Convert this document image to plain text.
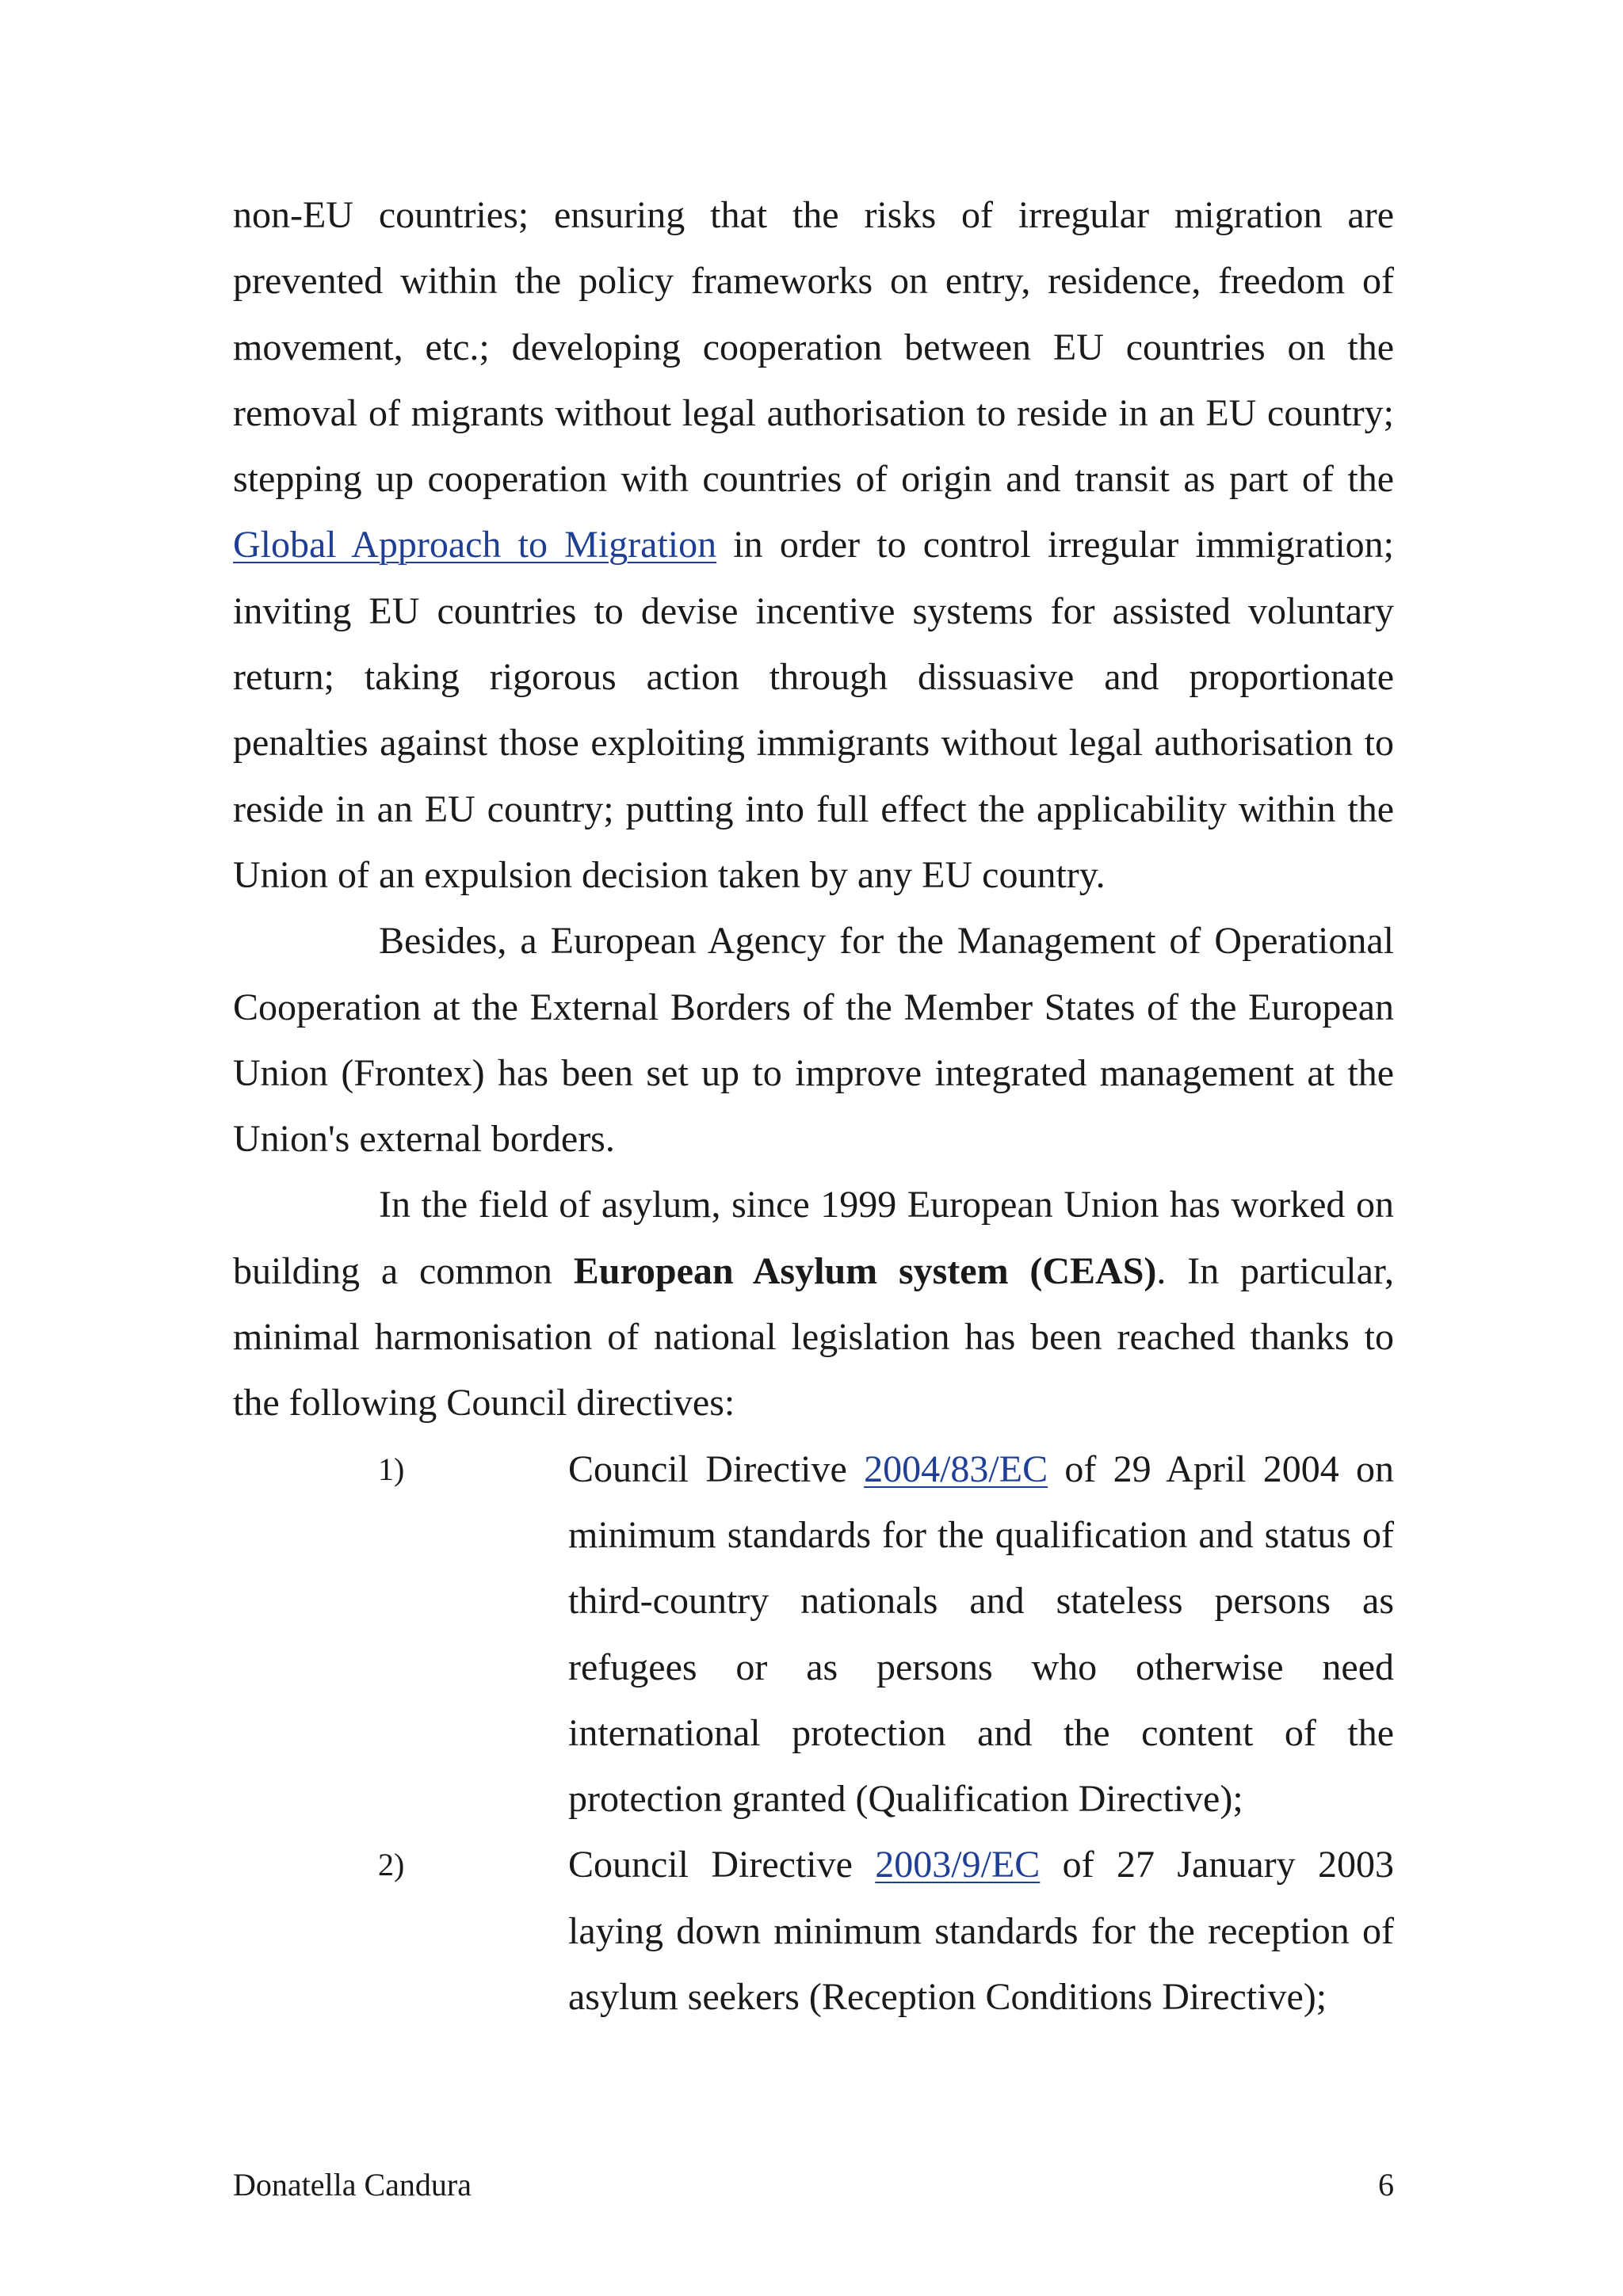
non-EU countries; ensuring that the risks of irregular migration are prevented within the policy frameworks on entry, residence, freedom of movement, etc.; developing cooperation between EU countries on the removal of migrants without legal authorisation to reside in an EU country; stepping up cooperation with countries of origin and transit as part of the Global Approach to Migration in order to control irregular immigration; inviting EU countries to devise incentive systems for assisted voluntary return; taking rigorous action through dissuasive and proportionate penalties against those exploiting immigrants without legal authorisation to reside in an EU country; putting into full effect the applicability within the Union of an expulsion decision taken by any EU country.

Besides, a European Agency for the Management of Operational Cooperation at the External Borders of the Member States of the European Union (Frontex) has been set up to improve integrated management at the Union's external borders.

In the field of asylum, since 1999 European Union has worked on building a common European Asylum system (CEAS). In particular, minimal harmonisation of national legislation has been reached thanks to the following Council directives:

1)	Council Directive 2004/83/EC of 29 April 2004 on minimum standards for the qualification and status of third-country nationals and stateless persons as refugees or as persons who otherwise need international protection and the content of the protection granted (Qualification Directive);
2)	Council Directive 2003/9/EC of 27 January 2003 laying down minimum standards for the reception of asylum seekers (Reception Conditions Directive);
Donatella Candura	6
